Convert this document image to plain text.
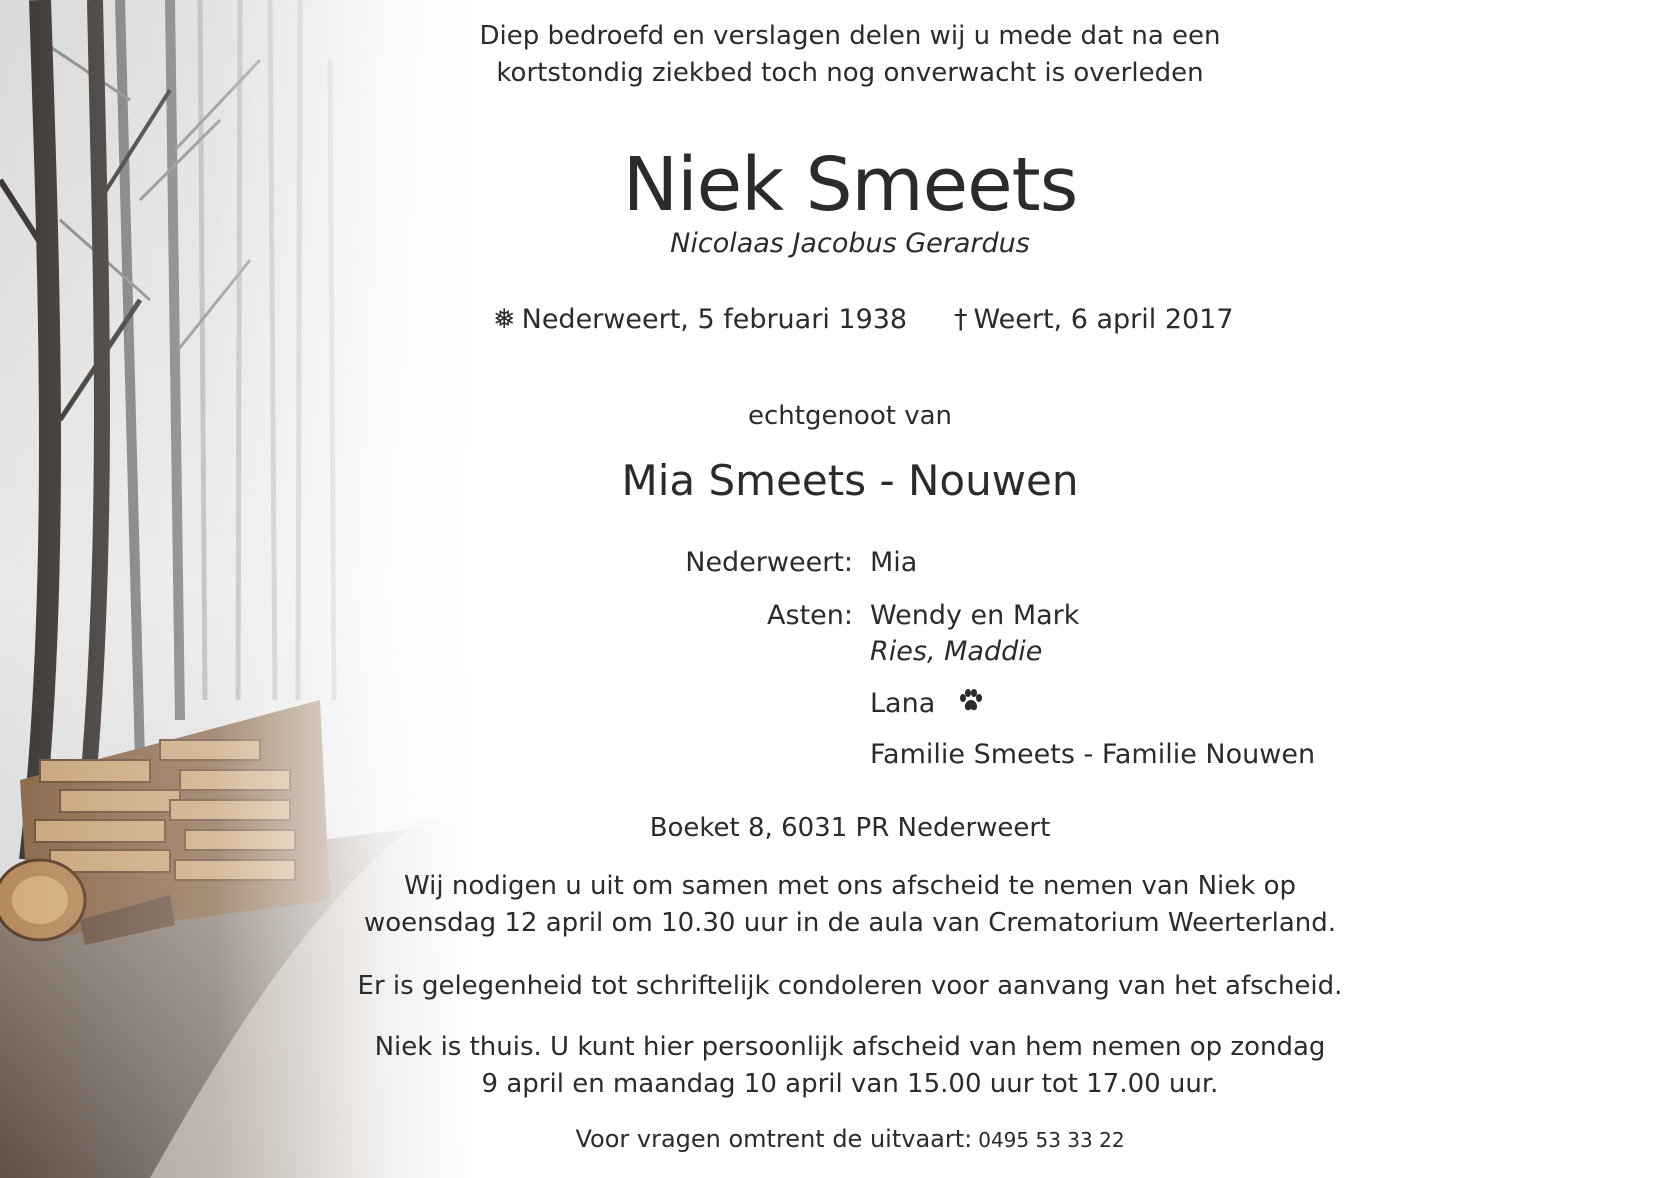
Diep bedroefd en verslagen delen wij u mede dat na een
kortstondig ziekbed toch nog onverwacht is overleden
Niek Smeets
Nicolaas Jacobus Gerardus
❅ Nederweert, 5 februari 1938 † Weert, 6 april 2017
echtgenoot van
Mia Smeets - Nouwen
Nederweert: Mia
Asten: Wendy en Mark
Ries, Maddie
Lana
Familie Smeets - Familie Nouwen
Boeket 8, 6031 PR Nederweert
Wij nodigen u uit om samen met ons afscheid te nemen van Niek op
woensdag 12 april om 10.30 uur in de aula van Crematorium Weerterland.
Er is gelegenheid tot schriftelijk condoleren voor aanvang van het afscheid.
Niek is thuis. U kunt hier persoonlijk afscheid van hem nemen op zondag
9 april en maandag 10 april van 15.00 uur tot 17.00 uur.
Voor vragen omtrent de uitvaart: 0495 53 33 22
